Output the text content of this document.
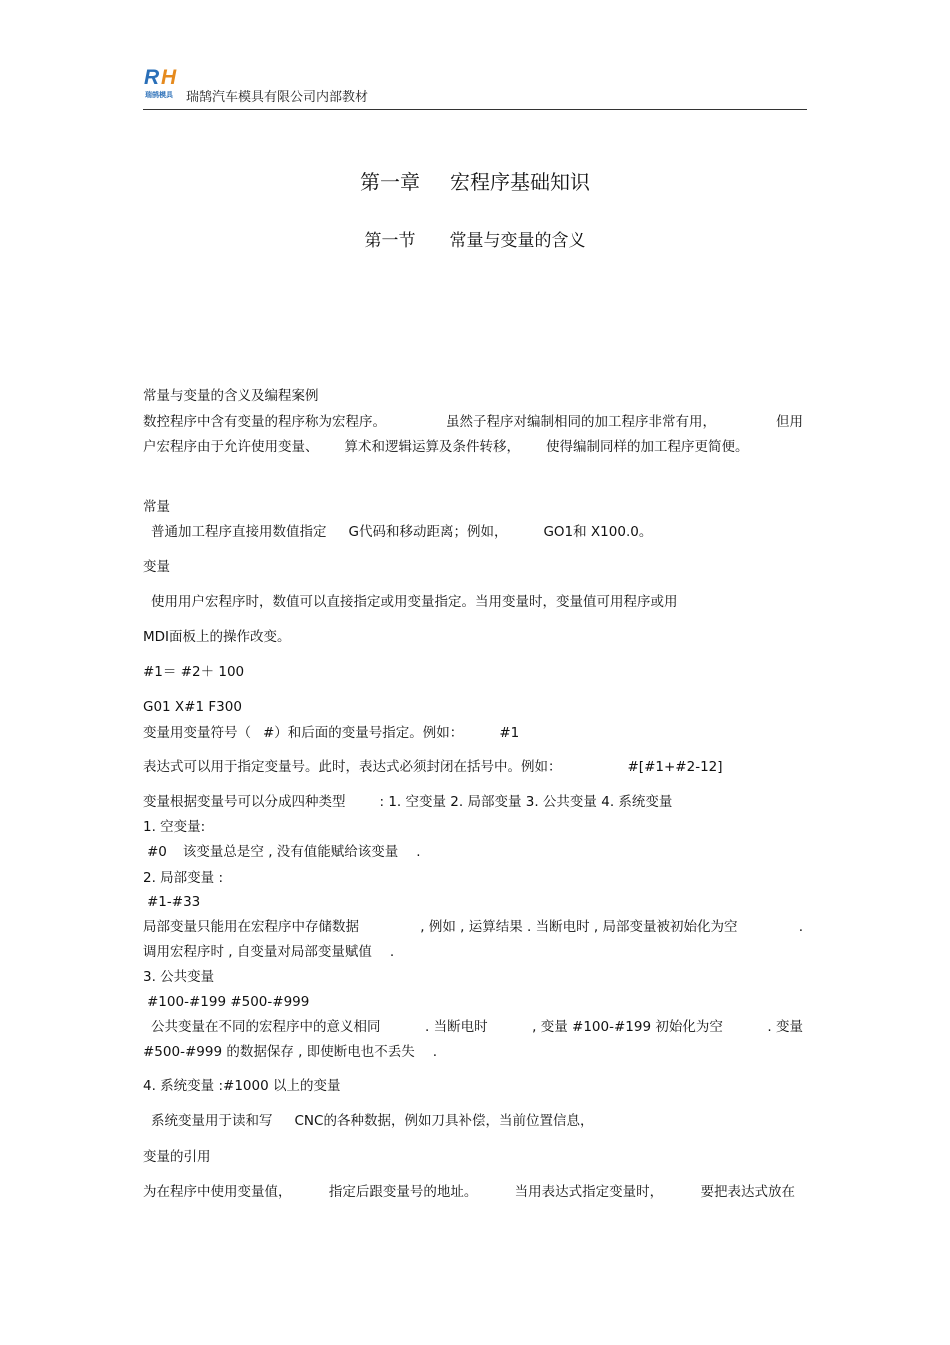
R H
瑞鹄模具 瑞鹄汽车模具有限公司内部教材
第一章 宏程序基础知识
第一节 常量与变量的含义
常量与变量的含义及编程案例
数控程序中含有变量的程序称为宏程序。	虽然子程序对编制相同的加工程序非常有用，	但用
户宏程序由于允许使用变量、 算术和逻辑运算及条件转移， 使得编制同样的加工程序更简便。
常量
普通加工程序直接用数值指定 G代码和移动距离；例如，	GO1和 X100.0。
变量
使用用户宏程序时，数值可以直接指定或用变量指定。当用变量时，变量值可用程序或用
MDI面板上的操作改变。
#1＝ #2＋ 100
G01 X#1 F300
变量用变量符号（ #）和后面的变量号指定。例如：	#1
表达式可以用于指定变量号。此时，表达式必须封闭在括号中。例如：	#[#1+#2-12]
变量根据变量号可以分成四种类型	: 1. 空变量 2. 局部变量 3. 公共变量 4. 系统变量
1. 空变量:
#0 该变量总是空 , 没有值能赋给该变量 .
2. 局部变量 :
#1-#33
局部变量只能用在宏程序中存储数据	, 例如 , 运算结果 . 当断电时 , 局部变量被初始化为空	.
调用宏程序时 , 自变量对局部变量赋值 .
3. 公共变量
#100-#199 #500-#999
公共变量在不同的宏程序中的意义相同	. 当断电时	, 变量 #100-#199 初始化为空	. 变量
#500-#999 的数据保存 , 即使断电也不丢失 .
4. 系统变量 :#1000 以上的变量
系统变量用于读和写 CNC的各种数据，例如刀具补偿，当前位置信息，
变量的引用
为在程序中使用变量值，	指定后跟变量号的地址。	当用表达式指定变量时，	要把表达式放在
